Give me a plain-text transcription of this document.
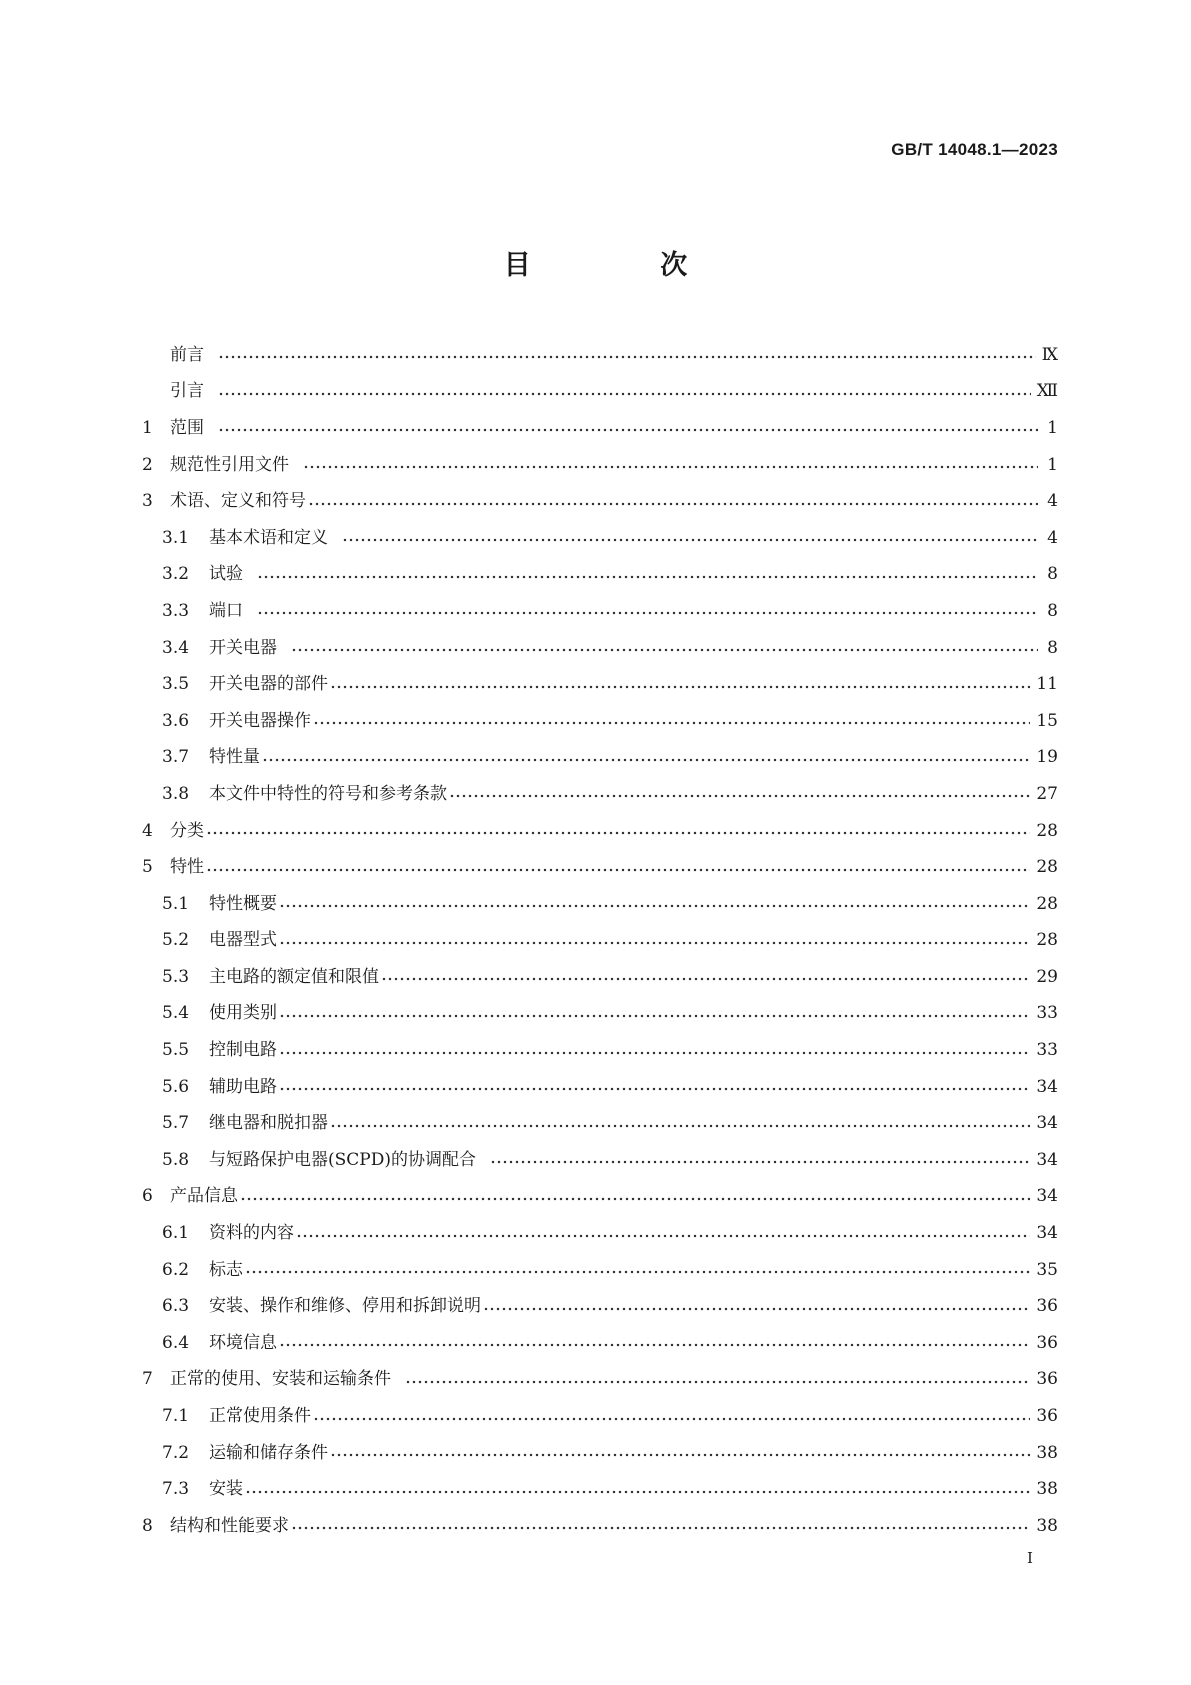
GB/T 14048.1—2023
目 次
前言	Ⅸ
引言	Ⅻ
1	范围	1
2	规范性引用文件	1
3	术语、定义和符号	4
3.1	基本术语和定义	4
3.2	试验	8
3.3	端口	8
3.4	开关电器	8
3.5	开关电器的部件	11
3.6	开关电器操作	15
3.7	特性量	19
3.8	本文件中特性的符号和参考条款	27
4	分类	28
5	特性	28
5.1	特性概要	28
5.2	电器型式	28
5.3	主电路的额定值和限值	29
5.4	使用类别	33
5.5	控制电路	33
5.6	辅助电路	34
5.7	继电器和脱扣器	34
5.8	与短路保护电器(SCPD)的协调配合	34
6	产品信息	34
6.1	资料的内容	34
6.2	标志	35
6.3	安装、操作和维修、停用和拆卸说明	36
6.4	环境信息	36
7	正常的使用、安装和运输条件	36
7.1	正常使用条件	36
7.2	运输和储存条件	38
7.3	安装	38
8	结构和性能要求	38
I
